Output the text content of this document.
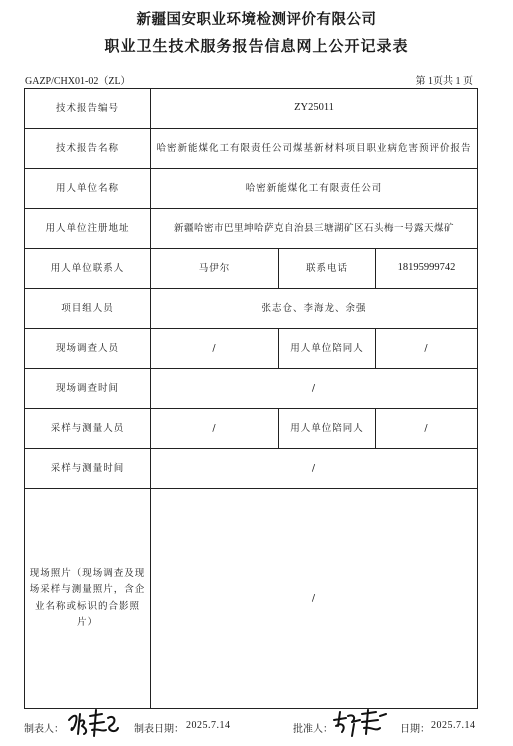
新疆国安职业环境检测评价有限公司
职业卫生技术服务报告信息网上公开记录表
GAZP/CHX01-02（ZL）	第 1页共 1 页
技术报告编号	ZY25011		
技术报告名称	哈密新能煤化工有限责任公司煤基新材料项目职业病危害预评价报告		
用人单位名称	哈密新能煤化工有限责任公司		
用人单位注册地址	新疆哈密市巴里坤哈萨克自治县三塘湖矿区石头梅一号露天煤矿		
用人单位联系人	马伊尔	联系电话	18195999742
项目组人员	张志仓、李海龙、余强		
现场调查人员	/	用人单位陪同人	/
现场调查时间	/		
采样与测量人员	/	用人单位陪同人	/
采样与测量时间	/		
现场照片（现场调查及现场采样与测量照片，含企业名称或标识的合影照片）	/		
制表人：	制表日期： 2025.7.14	批准人：	日期： 2025.7.14
